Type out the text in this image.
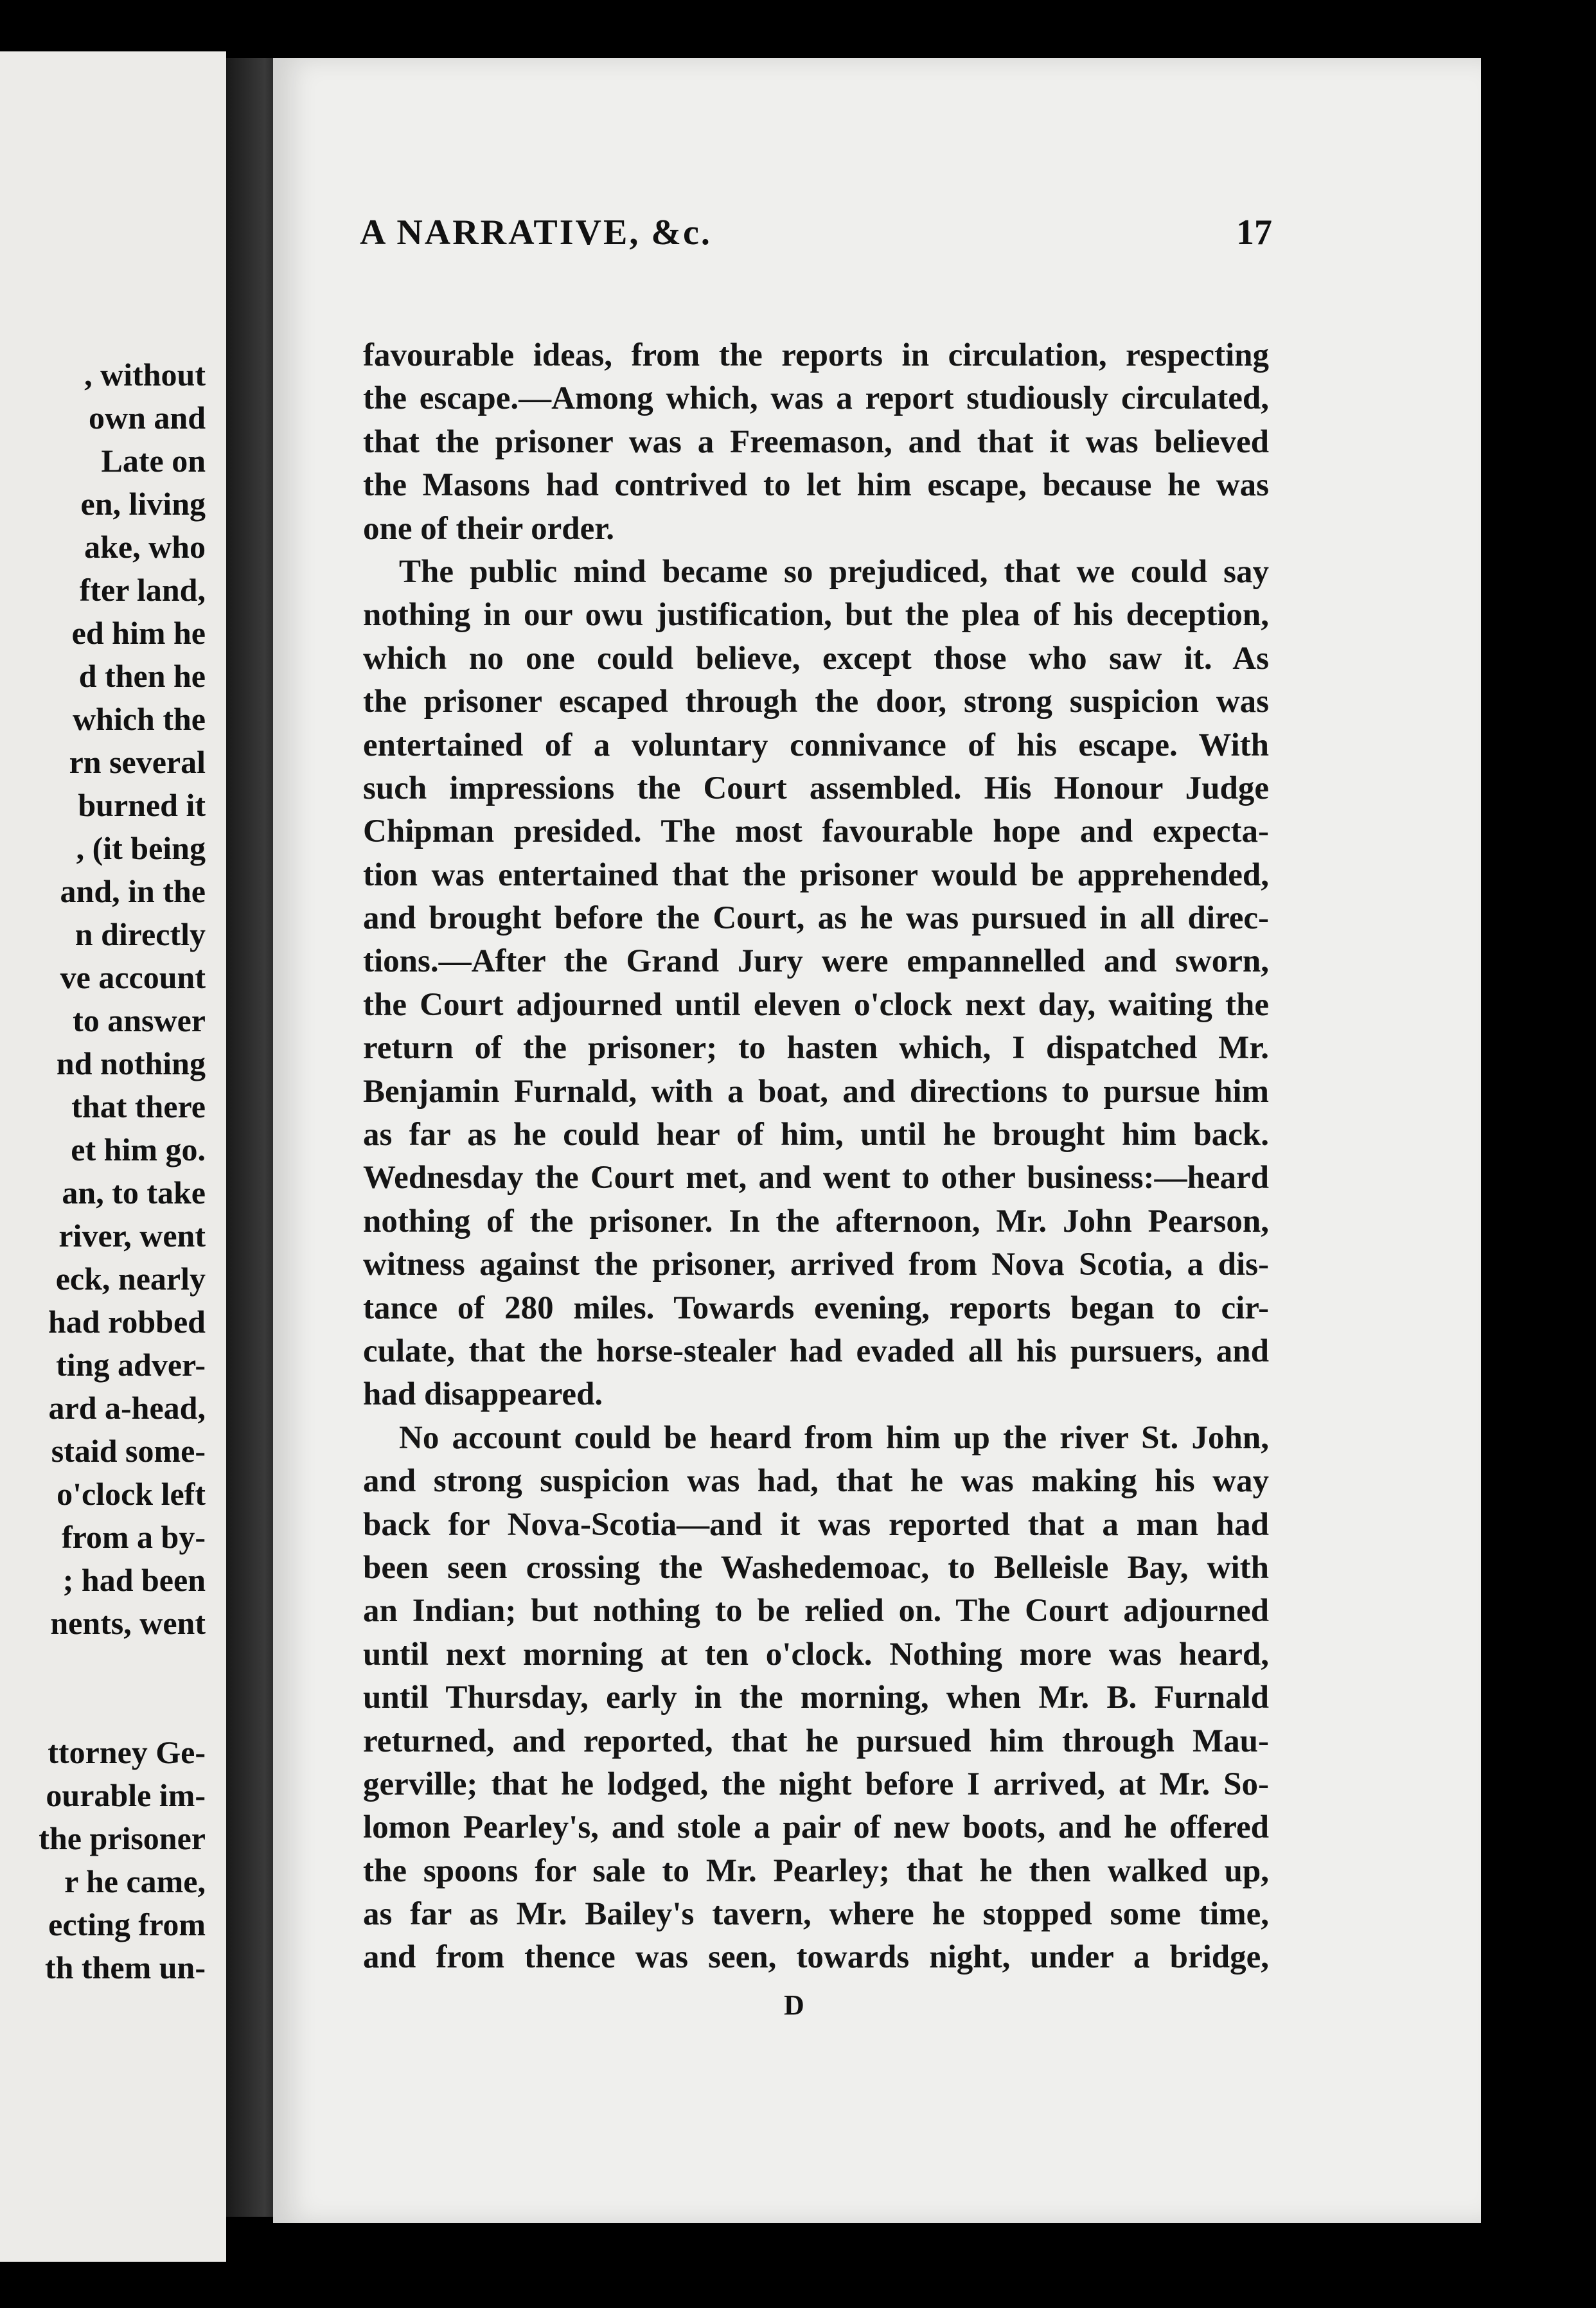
, without
own and
Late on
en, living
ake, who
fter land,
ed him he
d then he
which the
rn several
burned it
, (it being
and, in the
n directly
ve account
to answer
nd nothing
that there
et him go.
an, to take
river, went
eck, nearly
had robbed
ting adver-
ard a-head,
staid some-
o'clock left
from a by-
; had been
nents, went
ttorney Ge-
ourable im-
the prisoner
r he came,
ecting from
th them un-
A NARRATIVE, &c.	17
favourable ideas, from the reports in circulation, respecting
the escape.—Among which, was a report studiously circulated,
that the prisoner was a Freemason, and that it was believed
the Masons had contrived to let him escape, because he was
one of their order.
The public mind became so prejudiced, that we could say
nothing in our owu justification, but the plea of his deception,
which no one could believe, except those who saw it. As
the prisoner escaped through the door, strong suspicion was
entertained of a voluntary connivance of his escape. With
such impressions the Court assembled. His Honour Judge
Chipman presided. The most favourable hope and expecta-
tion was entertained that the prisoner would be apprehended,
and brought before the Court, as he was pursued in all direc-
tions.—After the Grand Jury were empannelled and sworn,
the Court adjourned until eleven o'clock next day, waiting the
return of the prisoner; to hasten which, I dispatched Mr.
Benjamin Furnald, with a boat, and directions to pursue him
as far as he could hear of him, until he brought him back.
Wednesday the Court met, and went to other business:—heard
nothing of the prisoner. In the afternoon, Mr. John Pearson,
witness against the prisoner, arrived from Nova Scotia, a dis-
tance of 280 miles. Towards evening, reports began to cir-
culate, that the horse-stealer had evaded all his pursuers, and
had disappeared.
No account could be heard from him up the river St. John,
and strong suspicion was had, that he was making his way
back for Nova-Scotia—and it was reported that a man had
been seen crossing the Washedemoac, to Belleisle Bay, with
an Indian; but nothing to be relied on. The Court adjourned
until next morning at ten o'clock. Nothing more was heard,
until Thursday, early in the morning, when Mr. B. Furnald
returned, and reported, that he pursued him through Mau-
gerville; that he lodged, the night before I arrived, at Mr. So-
lomon Pearley's, and stole a pair of new boots, and he offered
the spoons for sale to Mr. Pearley; that he then walked up,
as far as Mr. Bailey's tavern, where he stopped some time,
and from thence was seen, towards night, under a bridge,
D
